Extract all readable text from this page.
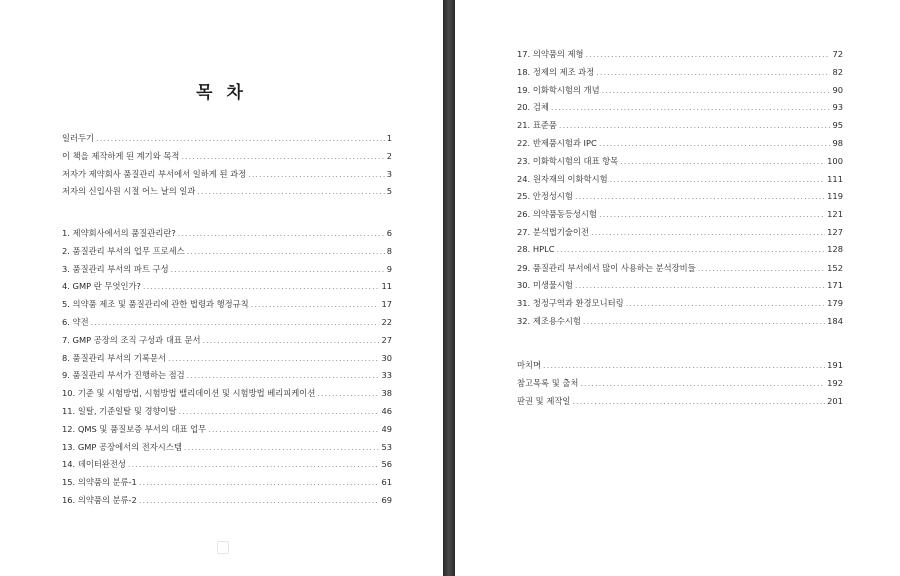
목 차
일러두기 .....	1
이 책을 제작하게 된 계기와 목적 .....	2
저자가 제약회사 품질관리 부서에서 일하게 된 과정 .....	3
저자의 신입사원 시절 어느 날의 일과 .....	5
1. 제약회사에서의 품질관리란? .....	6
2. 품질관리 부서의 업무 프로세스 .....	8
3. 품질관리 부서의 파트 구성 .....	9
4. GMP 란 무엇인가? .....	11
5. 의약품 제조 및 품질관리에 관한 법령과 행정규칙 .....	17
6. 약전 .....	22
7. GMP 공장의 조직 구성과 대표 문서 .....	27
8. 품질관리 부서의 기록문서 .....	30
9. 품질관리 부서가 진행하는 점검 .....	33
10. 기준 및 시험방법, 시험방법 밸리데이션 및 시험방법 베리피케이션 .....	38
11. 일탈, 기준일탈 및 경향이탈 .....	46
12. QMS 및 품질보증 부서의 대표 업무 .....	49
13. GMP 공장에서의 전자시스템 .....	53
14. 데이터완전성 .....	56
15. 의약품의 분류-1 .....	61
16. 의약품의 분류-2 .....	69
17. 의약품의 제형 .....	72
18. 정제의 제조 과정 .....	82
19. 이화학시험의 개념 .....	90
20. 검체 .....	93
21. 표준품 .....	95
22. 반제품시험과 IPC .....	98
23. 이화학시험의 대표 항목 .....	100
24. 원자재의 이화학시험 .....	111
25. 안정성시험 .....	119
26. 의약품동등성시험 .....	121
27. 분석법기술이전 .....	127
28. HPLC .....	128
29. 품질관리 부서에서 많이 사용하는 분석장비들 .....	152
30. 미생물시험 .....	171
31. 청정구역과 환경모니터링 .....	179
32. 제조용수시험 .....	184
마치며 .....	191
참고목록 및 출처 .....	192
판권 및 제작일 .....	201
